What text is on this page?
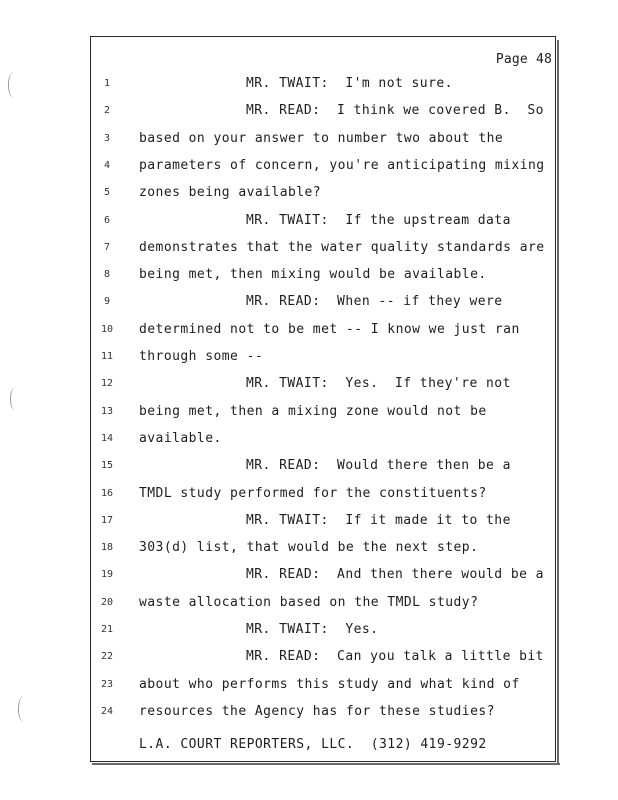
Page 48
1	MR. TWAIT:  I'm not sure.
2	MR. READ:  I think we covered B.  So
3	based on your answer to number two about the
4	parameters of concern, you're anticipating mixing
5	zones being available?
6	MR. TWAIT:  If the upstream data
7	demonstrates that the water quality standards are
8	being met, then mixing would be available.
9	MR. READ:  When -- if they were
10	determined not to be met -- I know we just ran
11	through some --
12	MR. TWAIT:  Yes.  If they're not
13	being met, then a mixing zone would not be
14	available.
15	MR. READ:  Would there then be a
16	TMDL study performed for the constituents?
17	MR. TWAIT:  If it made it to the
18	303(d) list, that would be the next step.
19	MR. READ:  And then there would be a
20	waste allocation based on the TMDL study?
21	MR. TWAIT:  Yes.
22	MR. READ:  Can you talk a little bit
23	about who performs this study and what kind of
24	resources the Agency has for these studies?
L.A. COURT REPORTERS, LLC.  (312) 419-9292
